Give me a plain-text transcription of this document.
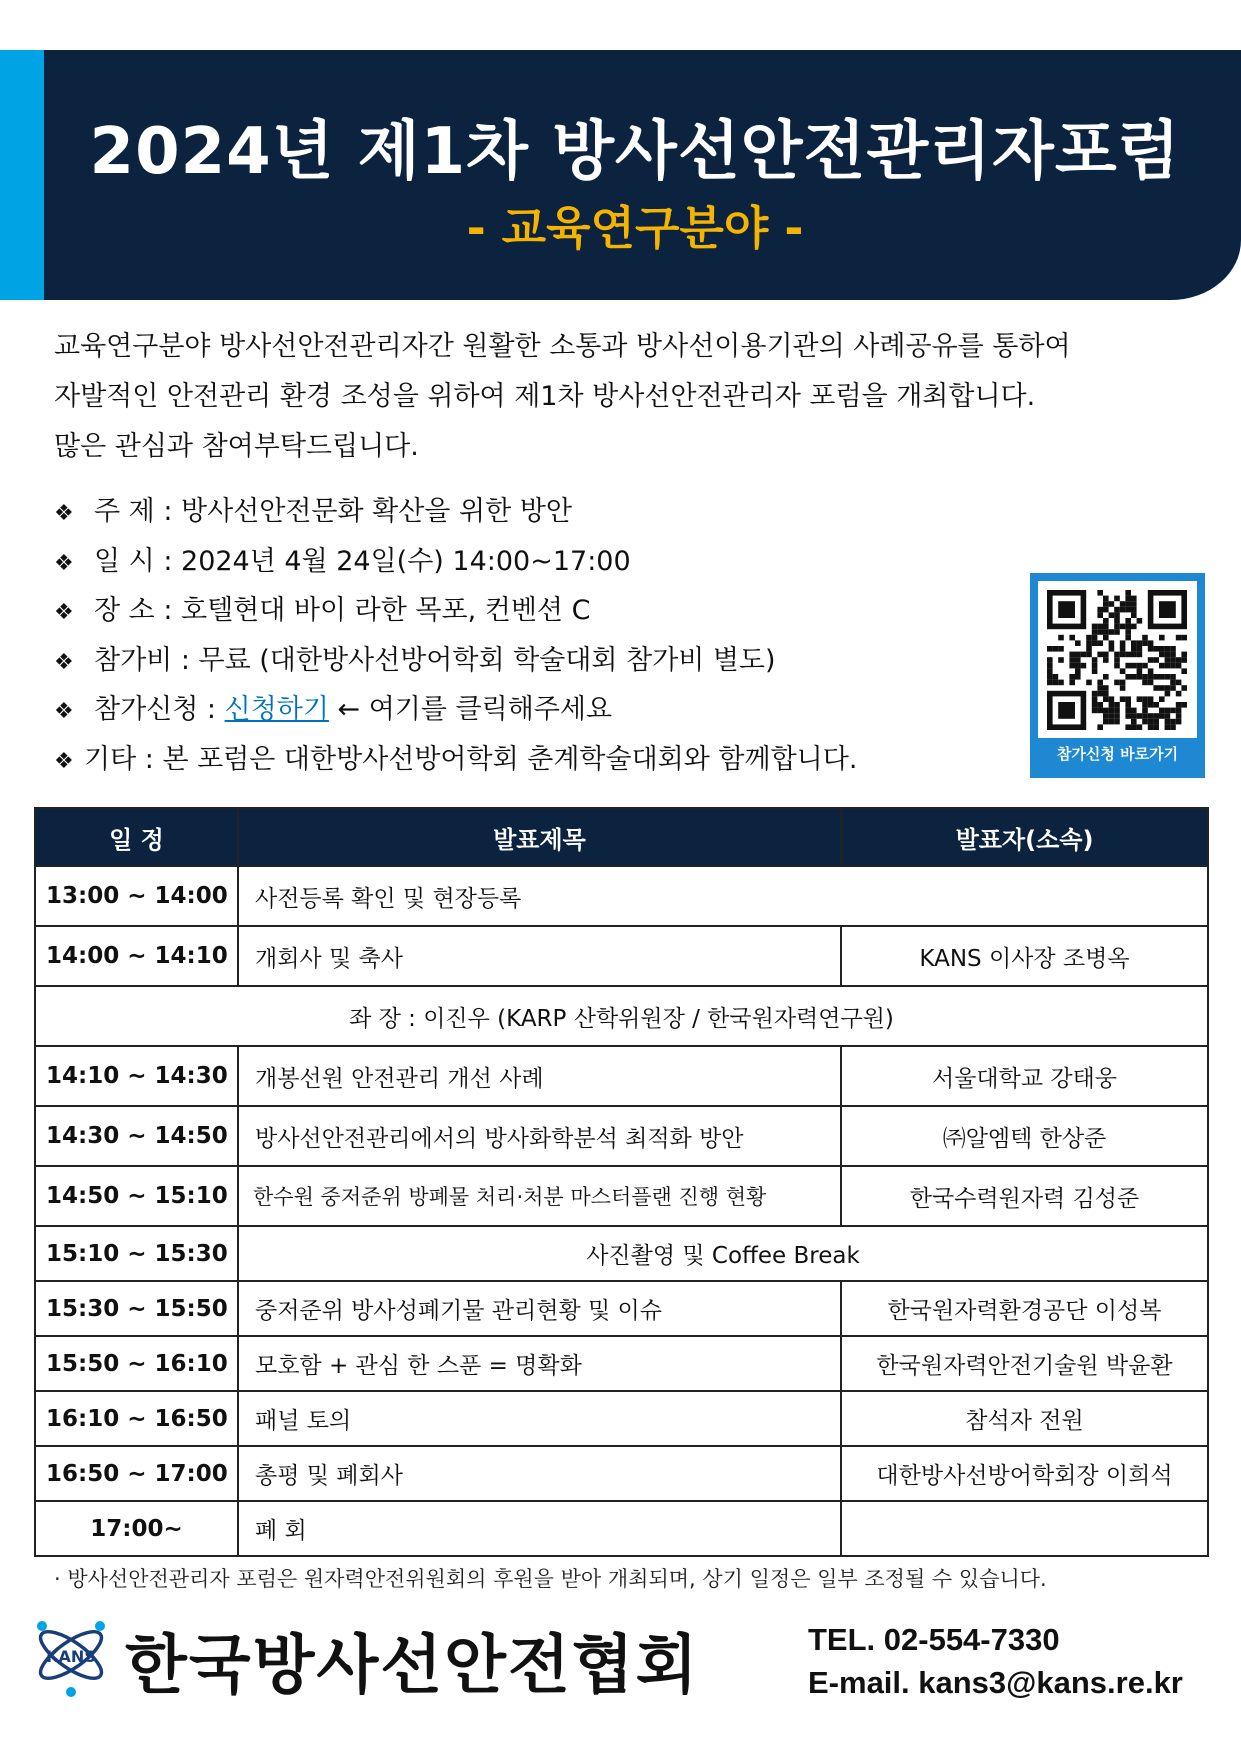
2024년 제1차 방사선안전관리자포럼
- 교육연구분야 -
교육연구분야 방사선안전관리자간 원활한 소통과 방사선이용기관의 사례공유를 통하여
자발적인 안전관리 환경 조성을 위하여 제1차 방사선안전관리자 포럼을 개최합니다.
많은 관심과 참여부탁드립니다.
❖ 주 제 : 방사선안전문화 확산을 위한 방안
❖ 일 시 : 2024년 4월 24일(수) 14:00~17:00
❖ 장 소 : 호텔현대 바이 라한 목포, 컨벤션 C
❖ 참가비 : 무료 (대한방사선방어학회 학술대회 참가비 별도)
❖ 참가신청 : 신청하기 ← 여기를 클릭해주세요
❖ 기타 : 본 포럼은 대한방사선방어학회 춘계학술대회와 함께합니다.	참가신청 바로가기
일 정	발표제목	발표자(소속)
13:00 ~ 14:00	사전등록 확인 및 현장등록	
14:00 ~ 14:10	개회사 및 축사	KANS 이사장 조병옥
좌 장 : 이진우 (KARP 산학위원장 / 한국원자력연구원)		
14:10 ~ 14:30	개봉선원 안전관리 개선 사례	서울대학교 강태웅
14:30 ~ 14:50	방사선안전관리에서의 방사화학분석 최적화 방안	㈜알엠텍 한상준
14:50 ~ 15:10	한수원 중저준위 방폐물 처리·처분 마스터플랜 진행 현황	한국수력원자력 김성준
15:10 ~ 15:30	사진촬영 및 Coffee Break	
15:30 ~ 15:50	중저준위 방사성폐기물 관리현황 및 이슈	한국원자력환경공단 이성복
15:50 ~ 16:10	모호함 + 관심 한 스푼 = 명확화	한국원자력안전기술원 박윤환
16:10 ~ 16:50	패널 토의	참석자 전원
16:50 ~ 17:00	총평 및 폐회사	대한방사선방어학회장 이희석
17:00~	폐 회	
· 방사선안전관리자 포럼은 원자력안전위원회의 후원을 받아 개최되며, 상기 일정은 일부 조정될 수 있습니다.
KANS 한국방사선안전협회	TEL. 02-554-7330
E-mail. kans3@kans.re.kr
